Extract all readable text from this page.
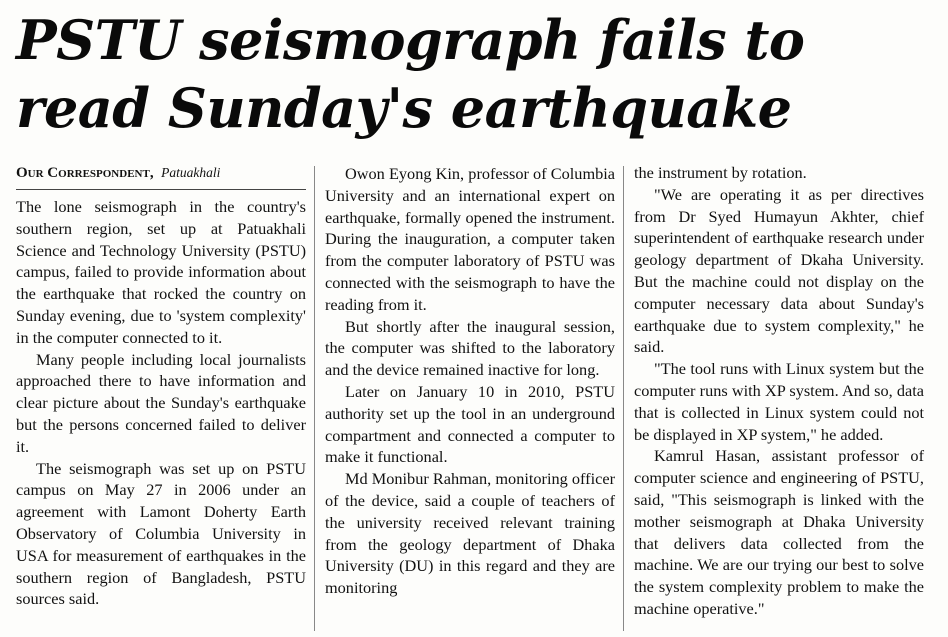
PSTU seismograph fails to read Sunday's earthquake
Our Correspondent, Patuakhali

The lone seismograph in the country's southern region, set up at Patuakhali Science and Technology University (PSTU) campus, failed to provide information about the earthquake that rocked the country on Sunday evening, due to 'system complexity' in the computer connected to it.

Many people including local journalists approached there to have information and clear picture about the Sunday's earthquake but the persons concerned failed to deliver it.

The seismograph was set up on PSTU campus on May 27 in 2006 under an agreement with Lamont Doherty Earth Observatory of Columbia University in USA for measurement of earthquakes in the southern region of Bangladesh, PSTU sources said.

Owon Eyong Kin, professor of Columbia University and an international expert on earthquake, formally opened the instrument. During the inauguration, a computer taken from the computer laboratory of PSTU was connected with the seismograph to have the reading from it.

But shortly after the inaugural session, the computer was shifted to the laboratory and the device remained inactive for long.

Later on January 10 in 2010, PSTU authority set up the tool in an underground compartment and connected a computer to make it functional.

Md Monibur Rahman, monitoring officer of the device, said a couple of teachers of the university received relevant training from the geology department of Dhaka University (DU) in this regard and they are monitoring

the instrument by rotation.

"We are operating it as per directives from Dr Syed Humayun Akhter, chief superintendent of earthquake research under geology department of Dkaha University. But the machine could not display on the computer necessary data about Sunday's earthquake due to system complexity," he said.

"The tool runs with Linux system but the computer runs with XP system. And so, data that is collected in Linux system could not be displayed in XP system," he added.

Kamrul Hasan, assistant professor of computer science and engineering of PSTU, said, "This seismograph is linked with the mother seismograph at Dhaka University that delivers data collected from the machine. We are our trying our best to solve the system complexity problem to make the machine operative."
